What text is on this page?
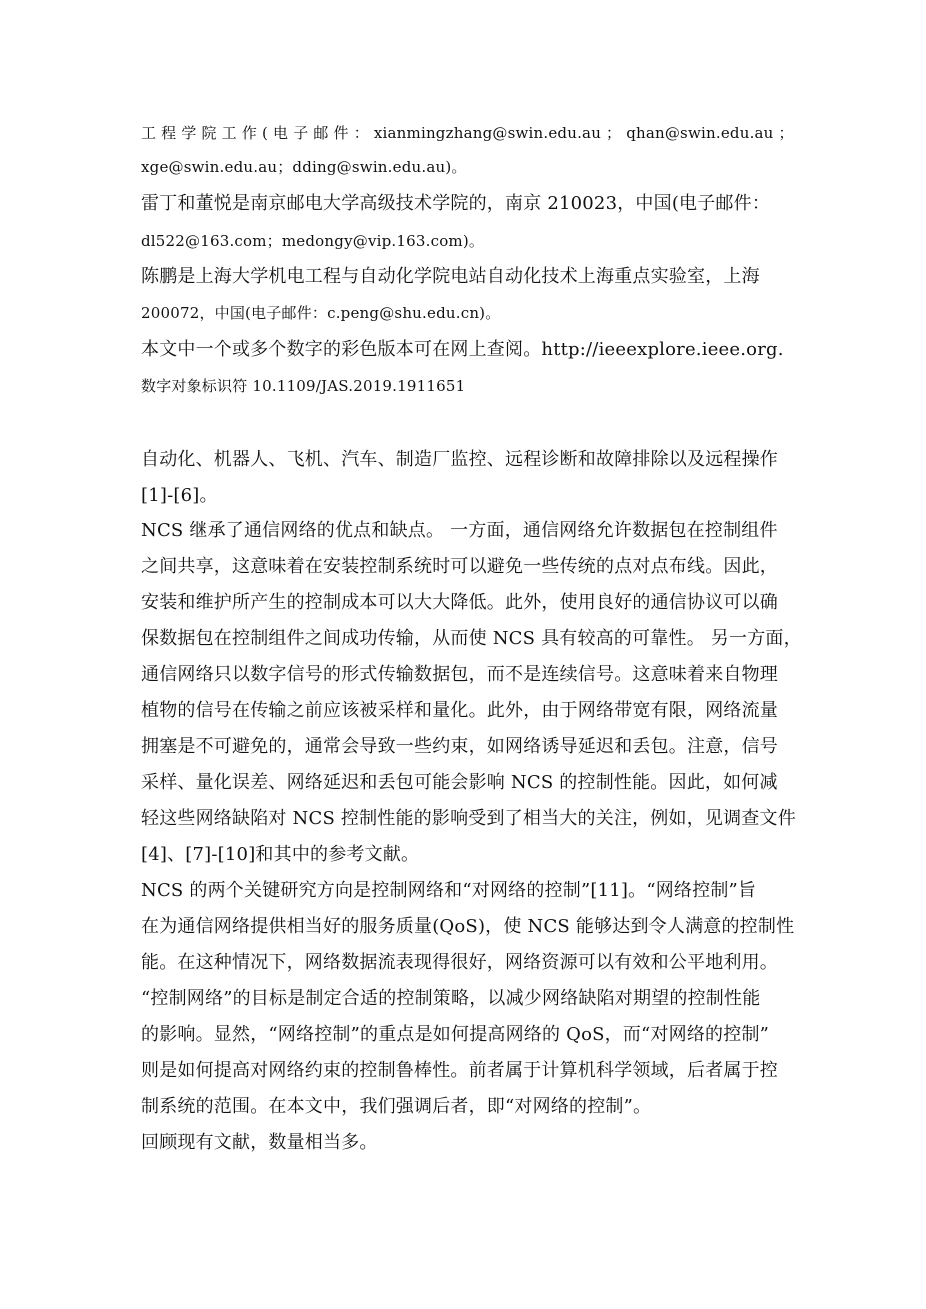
工 程 学 院 工 作 ( 电 子 邮 件 ： xianmingzhang@swin.edu.au ； qhan@swin.edu.au ；
xge@swin.edu.au；dding@swin.edu.au)。
雷丁和董悦是南京邮电大学高级技术学院的，南京 210023，中国(电子邮件：
dl522@163.com；medongy@vip.163.com)。
陈鹏是上海大学机电工程与自动化学院电站自动化技术上海重点实验室，上海
200072，中国(电子邮件：c.peng@shu.edu.cn)。
本文中一个或多个数字的彩色版本可在网上查阅。http://ieeexplore.ieee.org.
数字对象标识符 10.1109/JAS.2019.1911651
自动化、机器人、飞机、汽车、制造厂监控、远程诊断和故障排除以及远程操作
[1]-[6]。
NCS 继承了通信网络的优点和缺点。 一方面，通信网络允许数据包在控制组件
之间共享，这意味着在安装控制系统时可以避免一些传统的点对点布线。因此，
安装和维护所产生的控制成本可以大大降低。此外，使用良好的通信协议可以确
保数据包在控制组件之间成功传输，从而使 NCS 具有较高的可靠性。 另一方面，
通信网络只以数字信号的形式传输数据包，而不是连续信号。这意味着来自物理
植物的信号在传输之前应该被采样和量化。此外，由于网络带宽有限，网络流量
拥塞是不可避免的，通常会导致一些约束，如网络诱导延迟和丢包。注意，信号
采样、量化误差、网络延迟和丢包可能会影响 NCS 的控制性能。因此，如何减
轻这些网络缺陷对 NCS 控制性能的影响受到了相当大的关注，例如，见调查文件
[4]、[7]-[10]和其中的参考文献。
NCS 的两个关键研究方向是控制网络和“对网络的控制”[11]。“网络控制”旨
在为通信网络提供相当好的服务质量(QoS)，使 NCS 能够达到令人满意的控制性
能。在这种情况下，网络数据流表现得很好，网络资源可以有效和公平地利用。
“控制网络”的目标是制定合适的控制策略，以减少网络缺陷对期望的控制性能
的影响。显然，“网络控制”的重点是如何提高网络的 QoS，而“对网络的控制”
则是如何提高对网络约束的控制鲁棒性。前者属于计算机科学领域，后者属于控
制系统的范围。在本文中，我们强调后者，即“对网络的控制”。
回顾现有文献，数量相当多。
